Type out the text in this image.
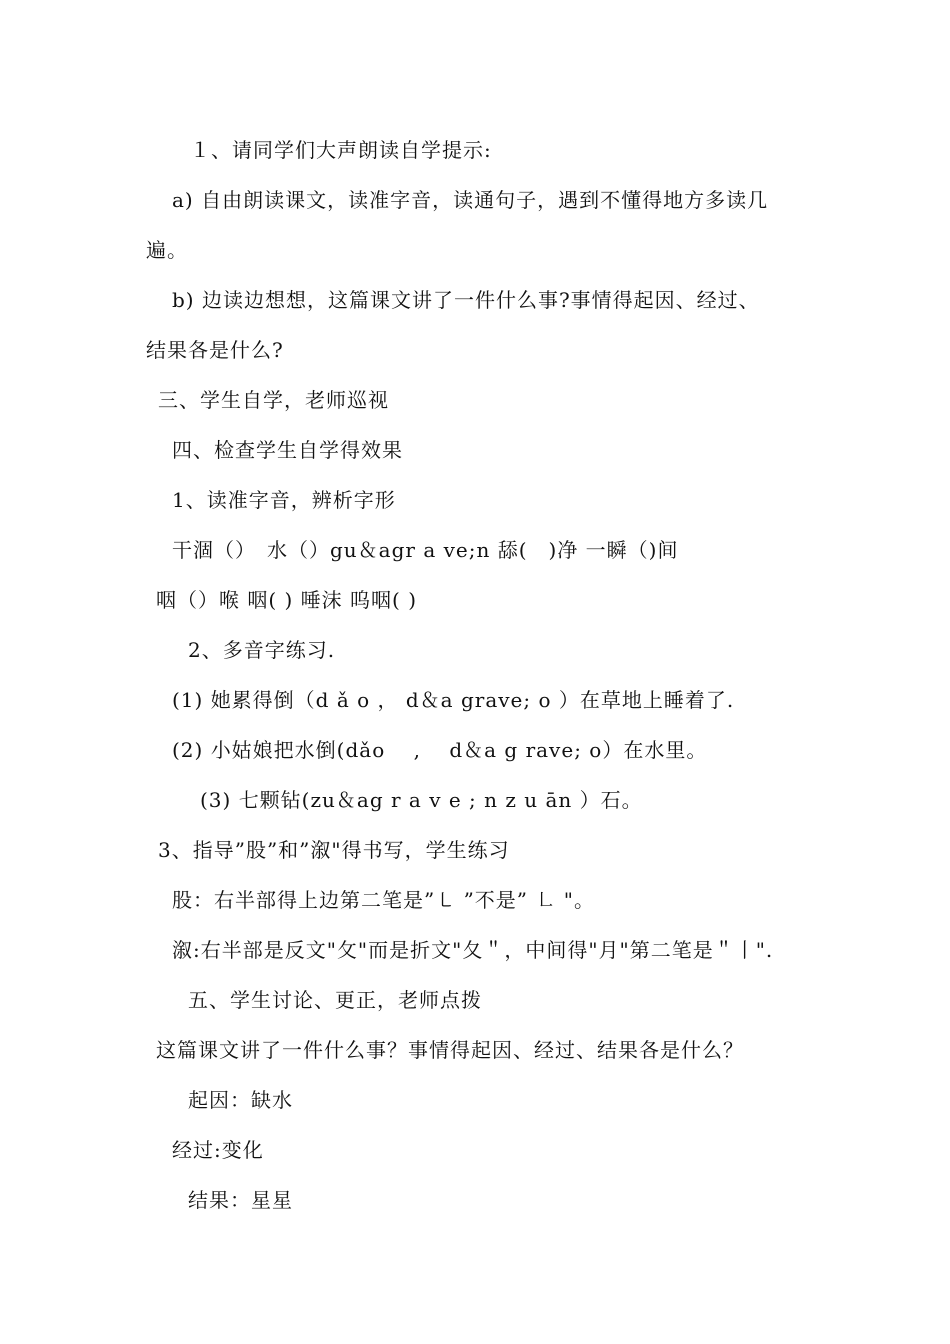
１、请同学们大声朗读自学提示:
a) 自由朗读课文，读准字音，读通句子，遇到不懂得地方多读几
遍。
b) 边读边想想，这篇课文讲了一件什么事?事情得起因、经过、
结果各是什么?
三、学生自学，老师巡视
四、检查学生自学得效果
1、读准字音，辨析字形
干涸（）　水（）gu＆agr a ve;n 舔(　)净 一瞬（)间
咽（）喉 咽( ) 唾沫 呜咽( )
2、多音字练习.
(1) 她累得倒（d ǎ o ， d＆a grave; o ）在草地上睡着了.
(2) 小姑娘把水倒(dǎo　 ,　 d＆a g rave; o）在水里。
(3) 七颗钻(zu＆ag r a v e ; n z u ān ）石。
3、指导”股”和”溆"得书写，学生练习
股：右半部得上边第二笔是”㇄ ”不是” ㇗ "。
溆:右半部是反文"攵"而是折文"夂＂，中间得"月"第二笔是＂丨".
五、学生讨论、更正，老师点拨
这篇课文讲了一件什么事？事情得起因、经过、结果各是什么？
起因：缺水
经过:变化
结果：星星
